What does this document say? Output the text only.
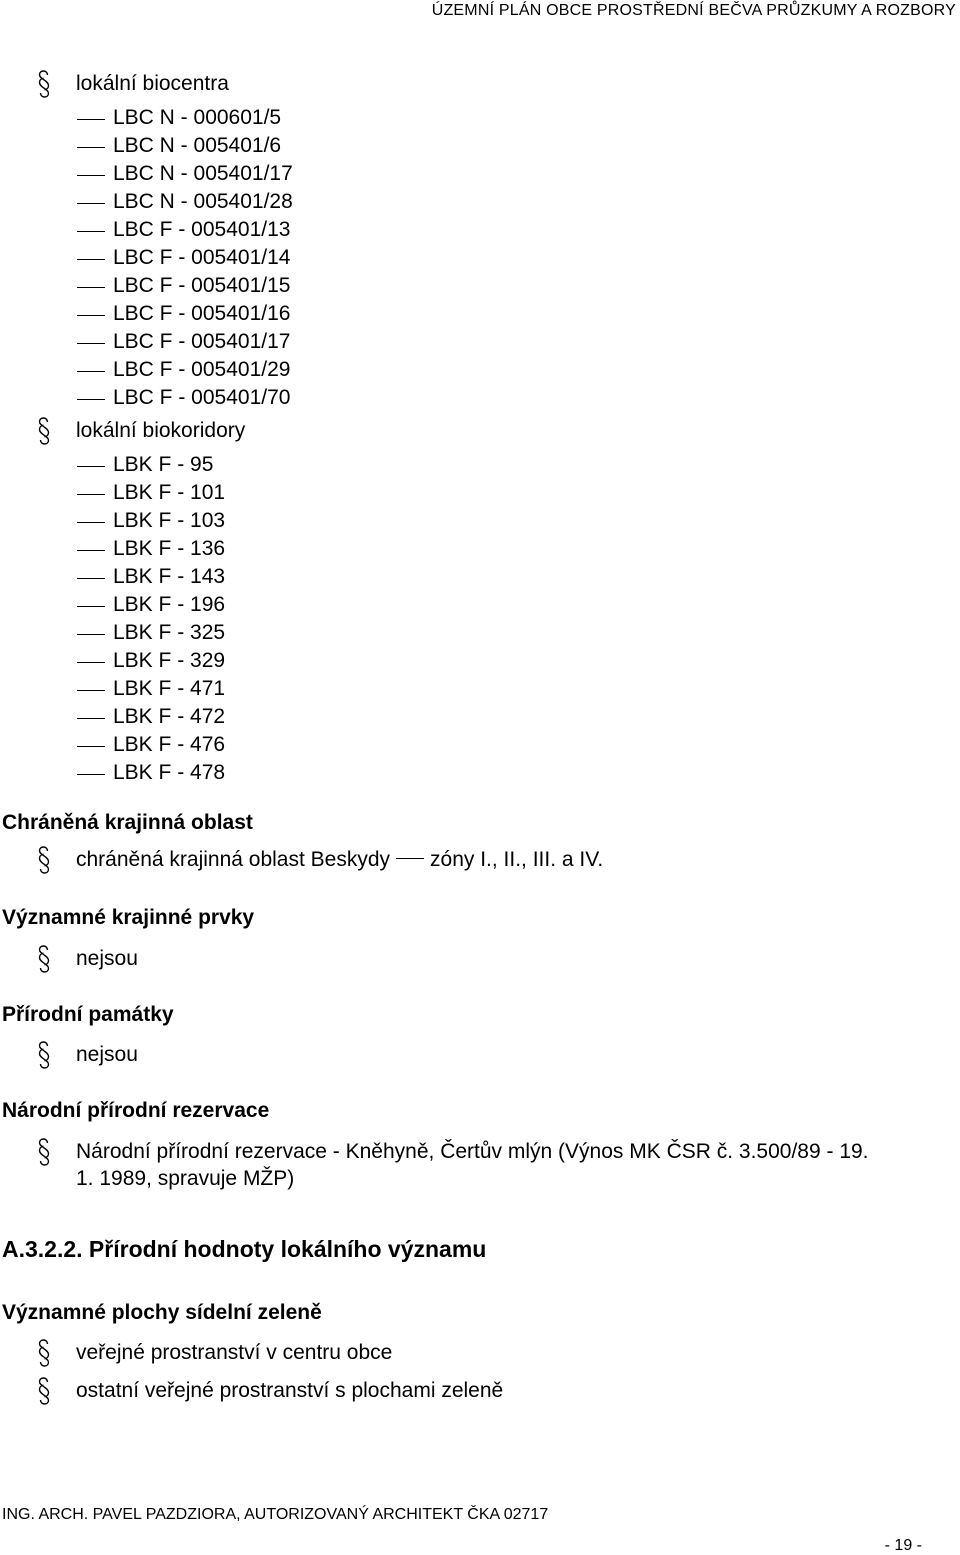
ÚZEMNÍ PLÁN OBCE PROSTŘEDNÍ BEČVA PRŮZKUMY A ROZBORY
lokální biocentra
LBC N - 000601/5
LBC N - 005401/6
LBC N - 005401/17
LBC N - 005401/28
LBC F - 005401/13
LBC F - 005401/14
LBC F - 005401/15
LBC F - 005401/16
LBC F - 005401/17
LBC F - 005401/29
LBC F - 005401/70
lokální biokoridory
LBK F - 95
LBK F - 101
LBK F - 103
LBK F - 136
LBK F - 143
LBK F - 196
LBK F - 325
LBK F - 329
LBK F - 471
LBK F - 472
LBK F - 476
LBK F - 478
Chráněná krajinná oblast
chráněná krajinná oblast Beskydy zóny I., II., III. a IV.
Významné krajinné prvky
nejsou
Přírodní památky
nejsou
Národní přírodní rezervace
Národní přírodní rezervace - Kněhyně, Čertův mlýn (Výnos MK ČSR č. 3.500/89 - 19.
1. 1989, spravuje MŽP)
A.3.2.2. Přírodní hodnoty lokálního významu
Významné plochy sídelní zeleně
veřejné prostranství v centru obce
ostatní veřejné prostranství s plochami zeleně
ING. ARCH. PAVEL PAZDZIORA, AUTORIZOVANÝ ARCHITEKT ČKA 02717
- 19 -
